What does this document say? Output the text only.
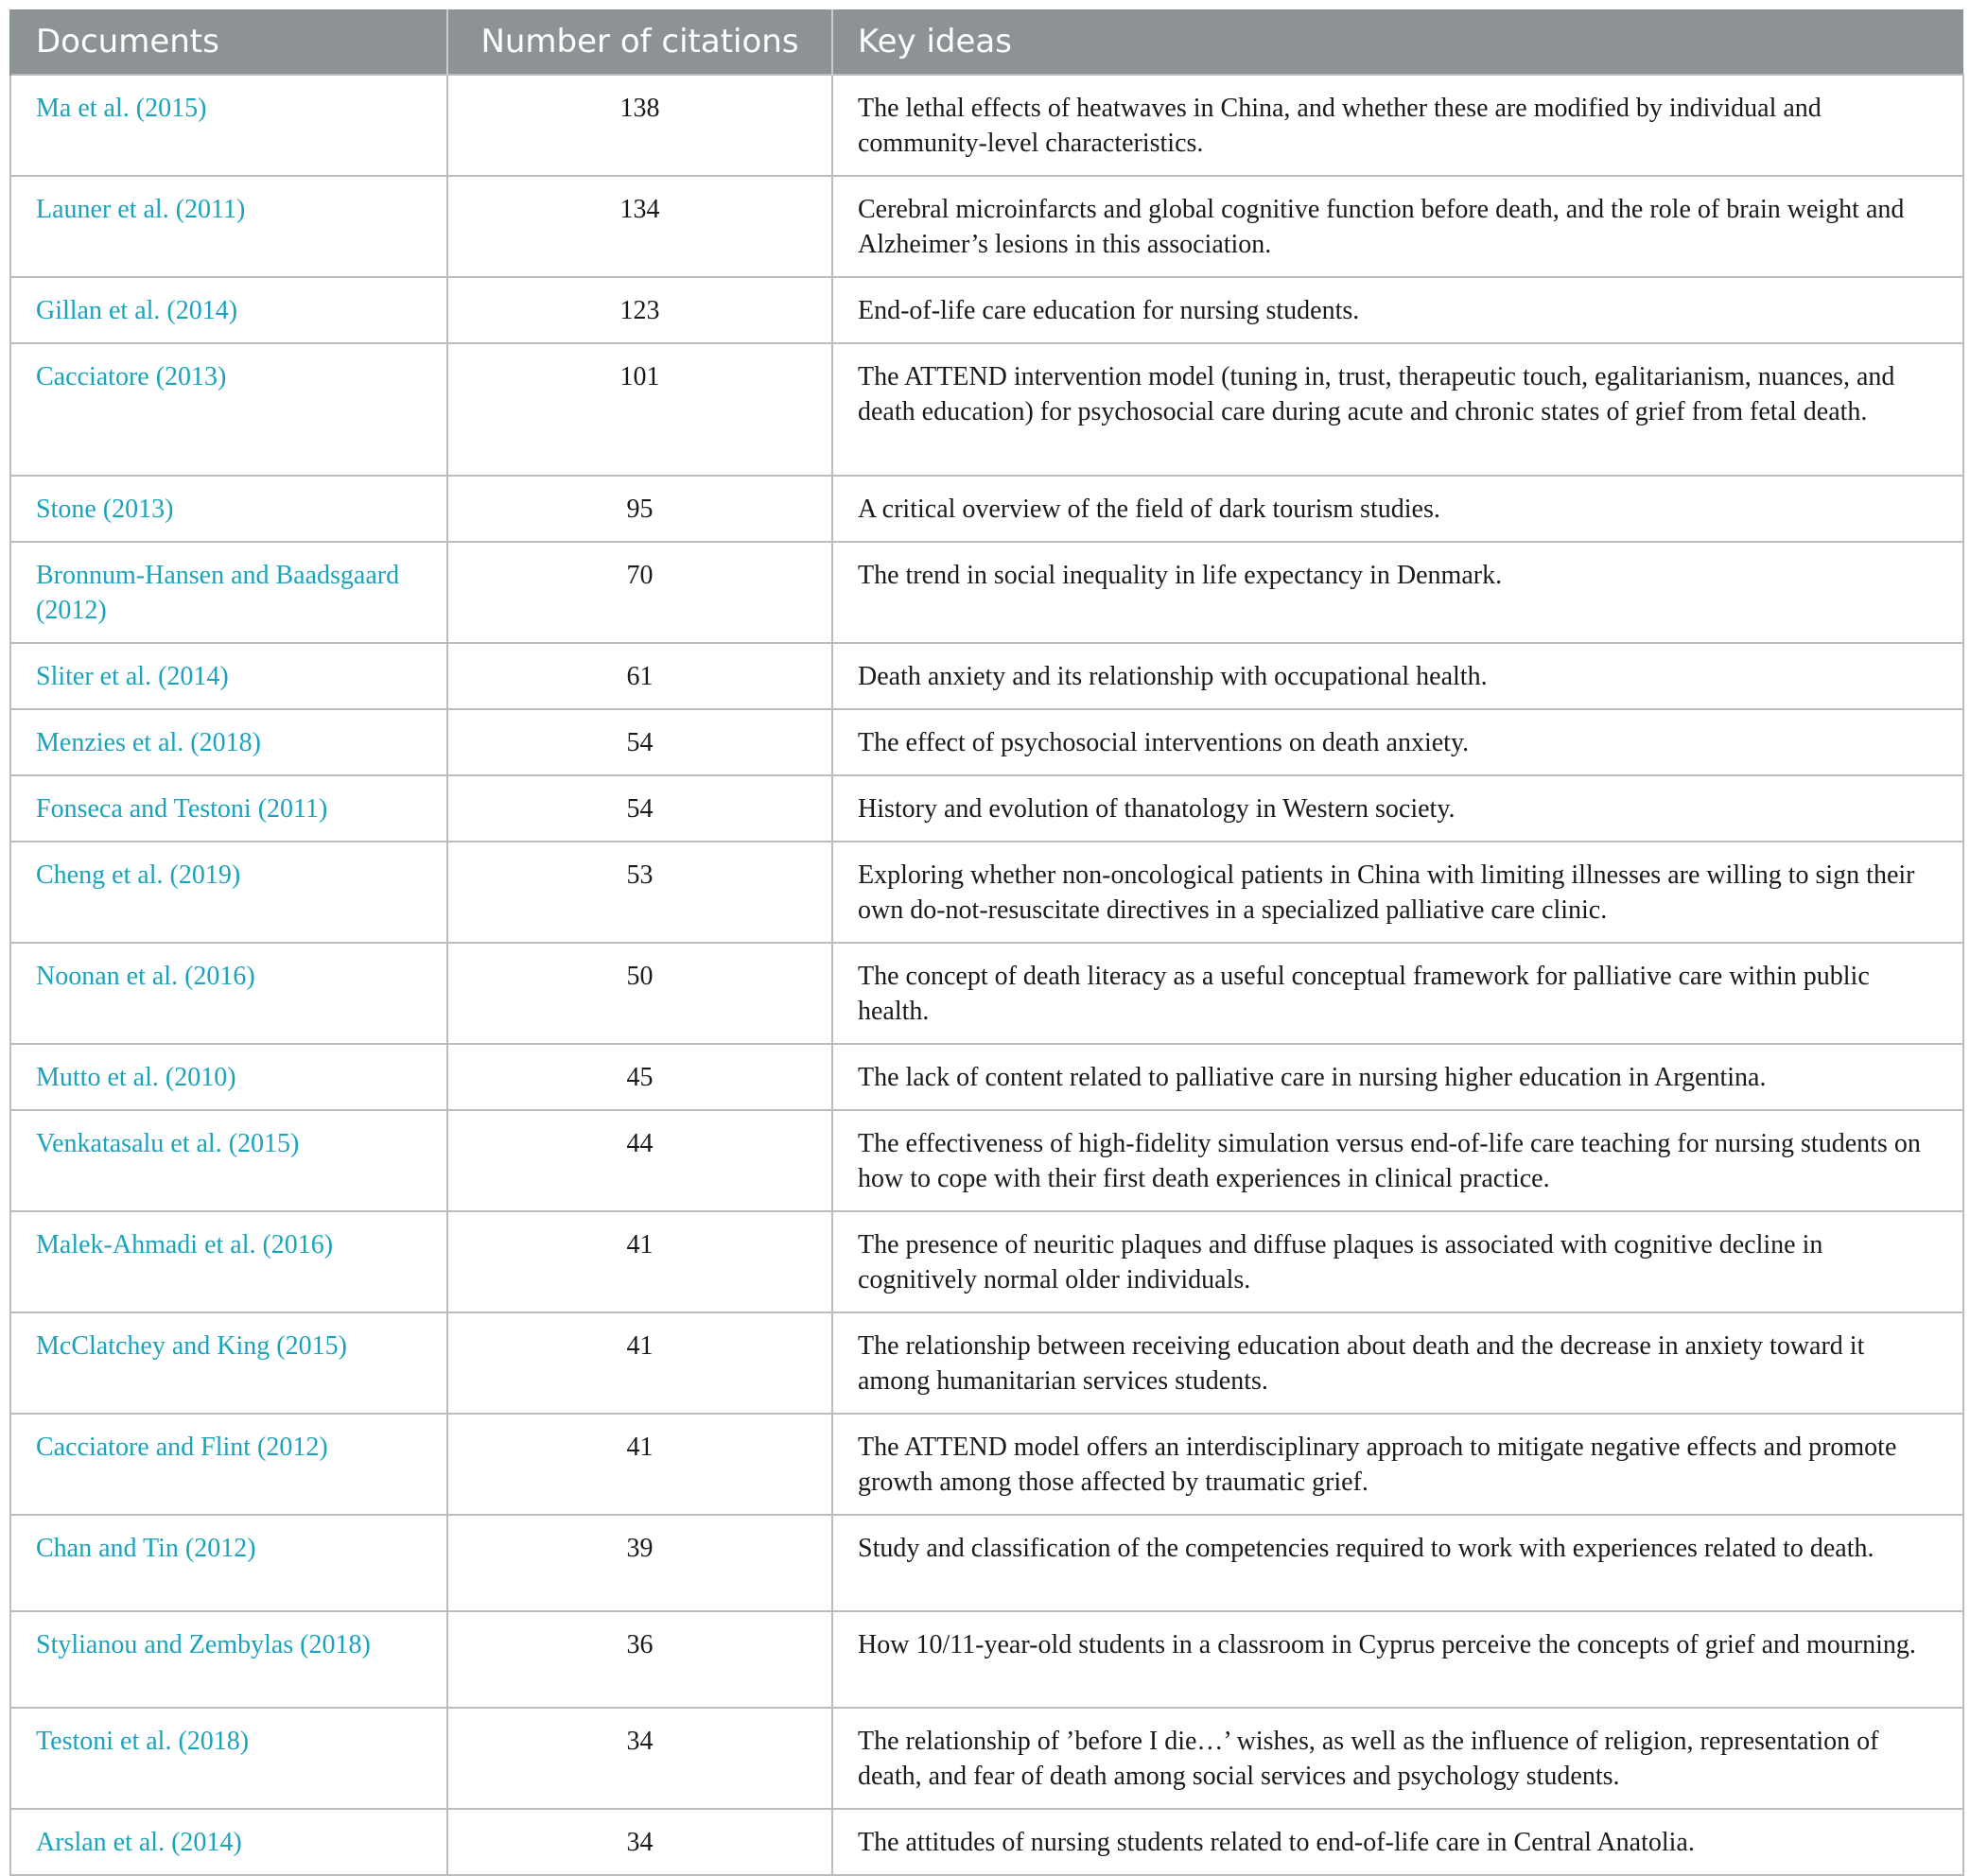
Documents	Number of citations	Key ideas
Ma et al. (2015)	138	The lethal effects of heatwaves in China, and whether these are modified by individual and community-level characteristics.
Launer et al. (2011)	134	Cerebral microinfarcts and global cognitive function before death, and the role of brain weight and Alzheimer’s lesions in this association.
Gillan et al. (2014)	123	End-of-life care education for nursing students.
Cacciatore (2013)	101	The ATTEND intervention model (tuning in, trust, therapeutic touch, egalitarianism, nuances, and death education) for psychosocial care during acute and chronic states of grief from fetal death.
Stone (2013)	95	A critical overview of the field of dark tourism studies.
Bronnum-Hansen and Baadsgaard (2012)	70	The trend in social inequality in life expectancy in Denmark.
Sliter et al. (2014)	61	Death anxiety and its relationship with occupational health.
Menzies et al. (2018)	54	The effect of psychosocial interventions on death anxiety.
Fonseca and Testoni (2011)	54	History and evolution of thanatology in Western society.
Cheng et al. (2019)	53	Exploring whether non-oncological patients in China with limiting illnesses are willing to sign their own do-not-resuscitate directives in a specialized palliative care clinic.
Noonan et al. (2016)	50	The concept of death literacy as a useful conceptual framework for palliative care within public health.
Mutto et al. (2010)	45	The lack of content related to palliative care in nursing higher education in Argentina.
Venkatasalu et al. (2015)	44	The effectiveness of high-fidelity simulation versus end-of-life care teaching for nursing students on how to cope with their first death experiences in clinical practice.
Malek-Ahmadi et al. (2016)	41	The presence of neuritic plaques and diffuse plaques is associated with cognitive decline in cognitively normal older individuals.
McClatchey and King (2015)	41	The relationship between receiving education about death and the decrease in anxiety toward it among humanitarian services students.
Cacciatore and Flint (2012)	41	The ATTEND model offers an interdisciplinary approach to mitigate negative effects and promote growth among those affected by traumatic grief.
Chan and Tin (2012)	39	Study and classification of the competencies required to work with experiences related to death.
Stylianou and Zembylas (2018)	36	How 10/11-year-old students in a classroom in Cyprus perceive the concepts of grief and mourning.
Testoni et al. (2018)	34	The relationship of ’before I die…’ wishes, as well as the influence of religion, representation of death, and fear of death among social services and psychology students.
Arslan et al. (2014)	34	The attitudes of nursing students related to end-of-life care in Central Anatolia.
